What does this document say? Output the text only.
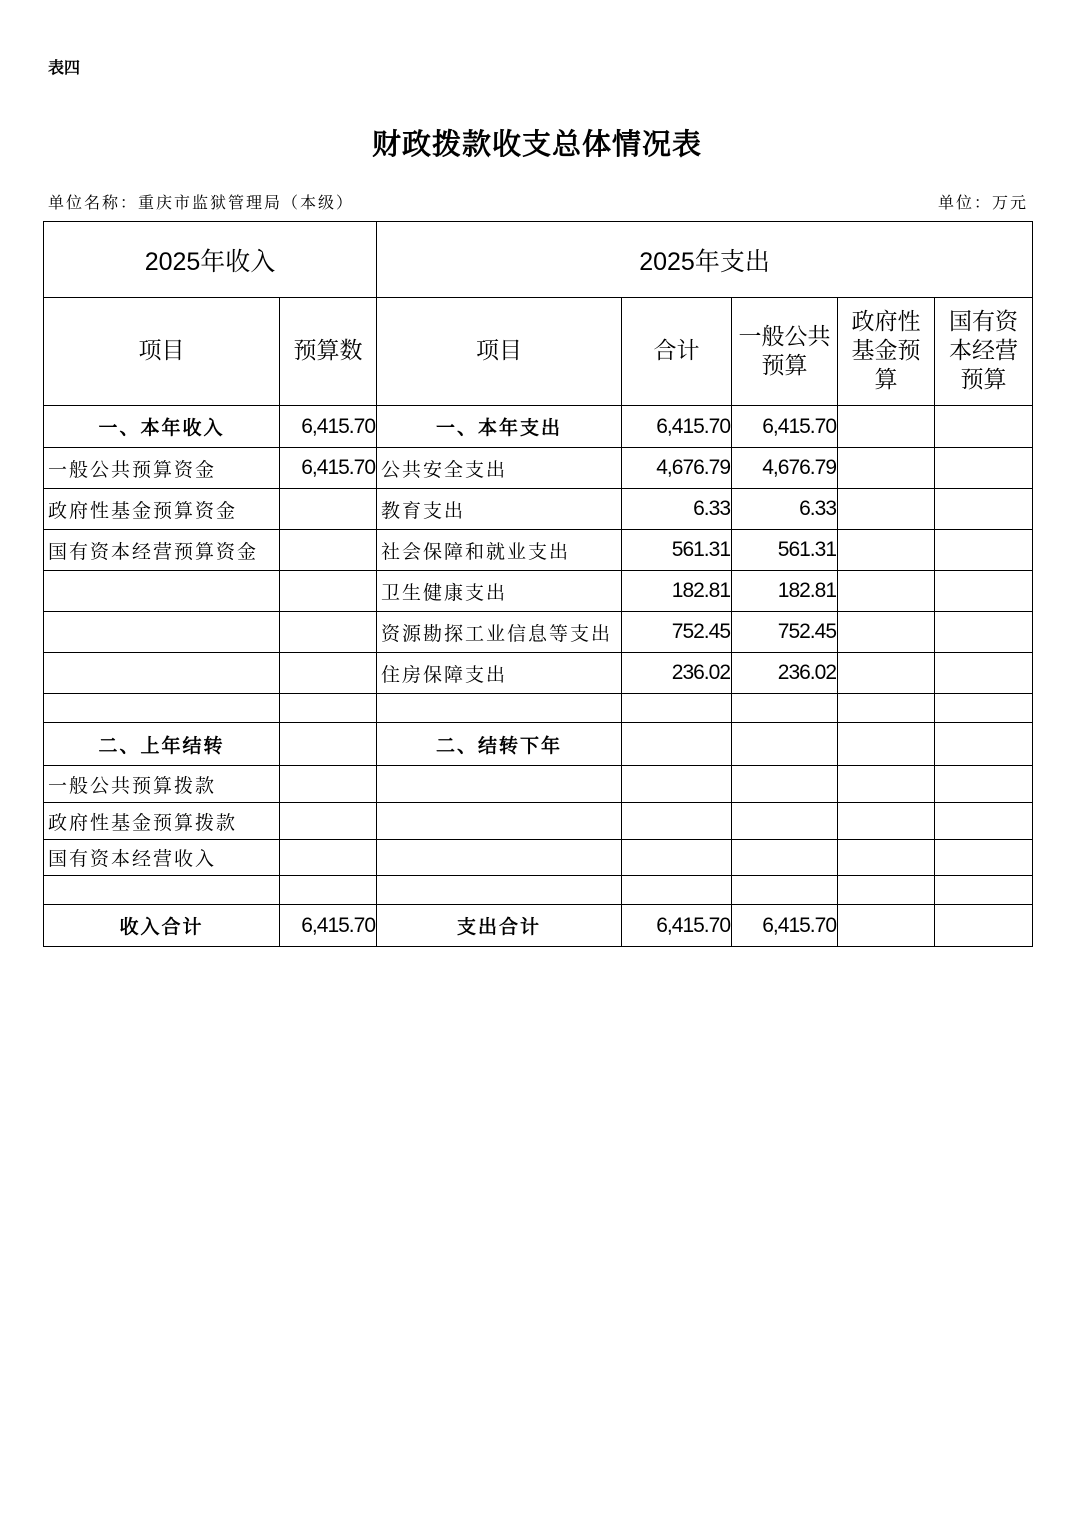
表四
财政拨款收支总体情况表
单位名称：重庆市监狱管理局（本级）	单位：万元
2025年收入		2025年支出				
项目	预算数	项目	合计	一般公共预算	政府性基金预算	国有资本经营预算
一、本年收入	6,415.70	一、本年支出	6,415.70	6,415.70		
一般公共预算资金	6,415.70	公共安全支出	4,676.79	4,676.79		
政府性基金预算资金		教育支出	6.33	6.33		
国有资本经营预算资金		社会保障和就业支出	561.31	561.31		
		卫生健康支出	182.81	182.81		
		资源勘探工业信息等支出	752.45	752.45		
		住房保障支出	236.02	236.02		

二、上年结转		二、结转下年				
一般公共预算拨款						
政府性基金预算拨款						
国有资本经营收入						

收入合计	6,415.70	支出合计	6,415.70	6,415.70		
